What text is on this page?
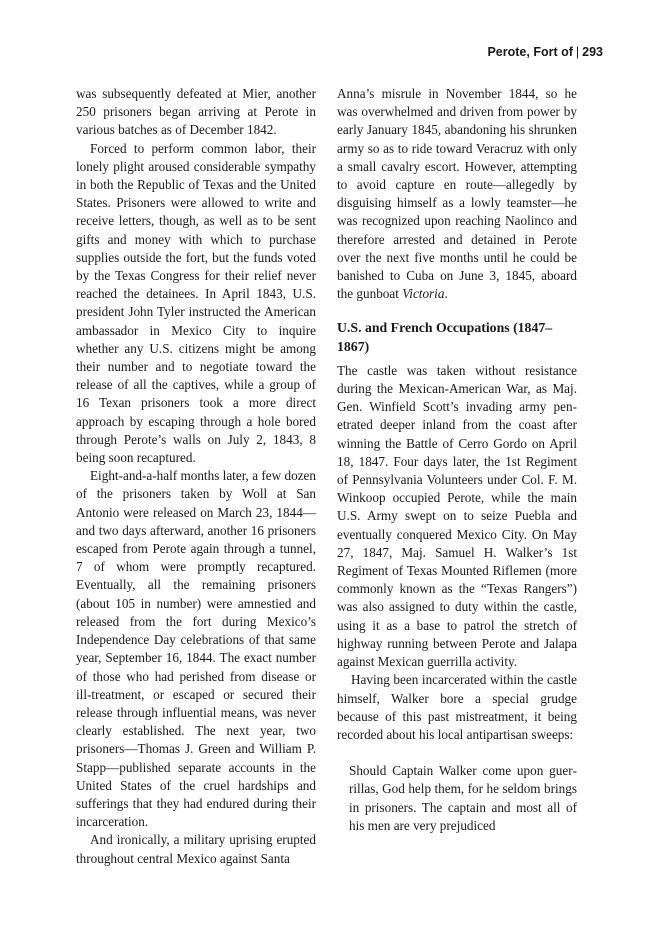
Perote, Fort of | 293

was subsequently defeated at Mier, another 250 prisoners began arriving at Perote in various batches as of December 1842.

Forced to perform common labor, their lonely plight aroused considerable sympathy in both the Republic of Texas and the United States. Prisoners were allowed to write and receive letters, though, as well as to be sent gifts and money with which to purchase supplies outside the fort, but the funds voted by the Texas Congress for their relief never reached the detainees. In April 1843, U.S. president John Tyler instructed the American ambassador in Mexico City to inquire whether any U.S. citizens might be among their number and to negotiate toward the release of all the captives, while a group of 16 Texan prisoners took a more direct approach by escaping through a hole bored through Perote’s walls on July 2, 1843, 8 being soon recaptured.

Eight-and-a-half months later, a few dozen of the prisoners taken by Woll at San Antonio were released on March 23, 1844—and two days afterward, another 16 prisoners escaped from Perote again through a tunnel, 7 of whom were promptly recaptured. Eventually, all the remaining prisoners (about 105 in number) were amnestied and released from the fort during Mexico’s Independence Day celebrations of that same year, September 16, 1844. The exact number of those who had perished from disease or ill-treatment, or escaped or secured their release through influential means, was never clearly established. The next year, two prisoners—Thomas J. Green and William P. Stapp—published separate accounts in the United States of the cruel hardships and sufferings that they had endured during their incarceration.

And ironically, a military uprising erupted throughout central Mexico against Santa

Anna’s misrule in November 1844, so he was overwhelmed and driven from power by early January 1845, abandoning his shrunken army so as to ride toward Veracruz with only a small cavalry escort. However, attempting to avoid capture en route—allegedly by disguising himself as a lowly teamster—he was recognized upon reaching Naolinco and therefore arrested and detained in Perote over the next five months until he could be banished to Cuba on June 3, 1845, aboard the gunboat Victoria.

U.S. and French Occupations (1847–1867)

The castle was taken without resistance during the Mexican-American War, as Maj. Gen. Winfield Scott’s invading army penetrated deeper inland from the coast after winning the Battle of Cerro Gordo on April 18, 1847. Four days later, the 1st Regiment of Pennsylvania Volunteers under Col. F. M. Winkoop occupied Perote, while the main U.S. Army swept on to seize Puebla and eventually conquered Mexico City. On May 27, 1847, Maj. Samuel H. Walker’s 1st Regiment of Texas Mounted Riflemen (more commonly known as the “Texas Rangers”) was also assigned to duty within the castle, using it as a base to patrol the stretch of highway running between Perote and Jalapa against Mexican guerrilla activity.

Having been incarcerated within the castle himself, Walker bore a special grudge because of this past mistreatment, it being recorded about his local antipartisan sweeps:

Should Captain Walker come upon guerrillas, God help them, for he seldom brings in prisoners. The captain and most all of his men are very prejudiced
